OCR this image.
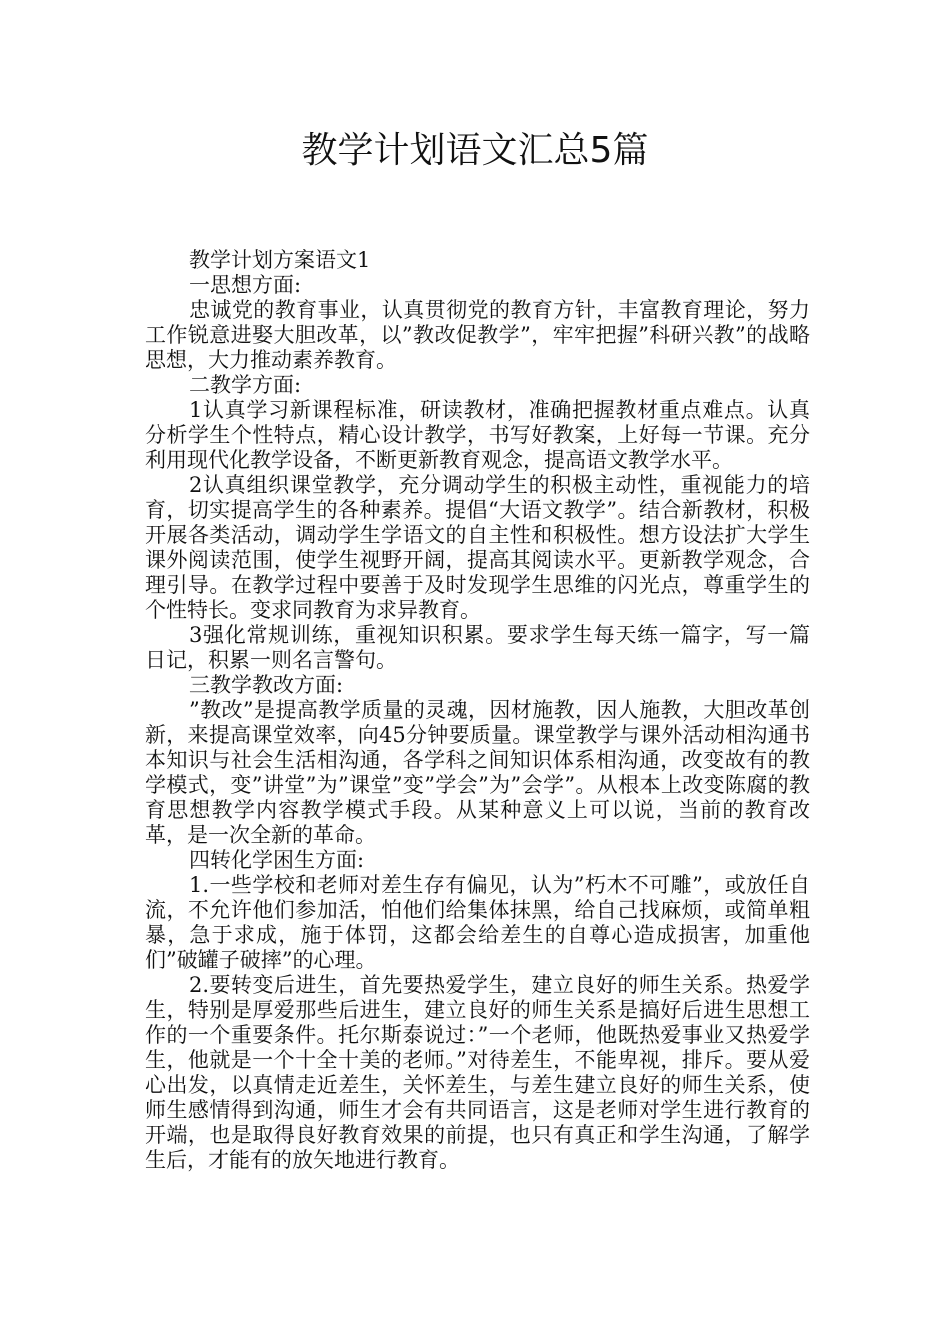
教学计划语文汇总5篇

教学计划方案语文1

一思想方面:

忠诚党的教育事业，认真贯彻党的教育方针，丰富教育理论，努力工作锐意进娶大胆改革，以”教改促教学”，牢牢把握”科研兴教”的战略思想，大力推动素养教育。

二教学方面:

1认真学习新课程标准，研读教材，准确把握教材重点难点。认真分析学生个性特点，精心设计教学，书写好教案，上好每一节课。充分利用现代化教学设备，不断更新教育观念，提高语文教学水平。

2认真组织课堂教学，充分调动学生的积极主动性，重视能力的培育，切实提高学生的各种素养。提倡“大语文教学”。结合新教材，积极开展各类活动，调动学生学语文的自主性和积极性。想方设法扩大学生课外阅读范围，使学生视野开阔，提高其阅读水平。更新教学观念，合理引导。在教学过程中要善于及时发现学生思维的闪光点，尊重学生的个性特长。变求同教育为求异教育。

3强化常规训练，重视知识积累。要求学生每天练一篇字，写一篇日记，积累一则名言警句。

三教学教改方面:

”教改”是提高教学质量的灵魂，因材施教，因人施教，大胆改革创新，来提高课堂效率，向45分钟要质量。课堂教学与课外活动相沟通书本知识与社会生活相沟通，各学科之间知识体系相沟通，改变故有的教学模式，变”讲堂”为”课堂”变”学会”为”会学”。从根本上改变陈腐的教育思想教学内容教学模式手段。从某种意义上可以说，当前的教育改革，是一次全新的革命。

四转化学困生方面:

1.一些学校和老师对差生存有偏见，认为”朽木不可雕”，或放任自流，不允许他们参加活，怕他们给集体抹黑，给自己找麻烦，或简单粗暴，急于求成，施于体罚，这都会给差生的自尊心造成损害，加重他们”破罐子破摔”的心理。

2.要转变后进生，首先要热爱学生，建立良好的师生关系。热爱学生，特别是厚爱那些后进生，建立良好的师生关系是搞好后进生思想工作的一个重要条件。托尔斯泰说过：”一个老师，他既热爱事业又热爱学生，他就是一个十全十美的老师。”对待差生，不能卑视，排斥。要从爱心出发，以真情走近差生，关怀差生，与差生建立良好的师生关系，使师生感情得到沟通，师生才会有共同语言，这是老师对学生进行教育的开端，也是取得良好教育效果的前提，也只有真正和学生沟通，了解学生后，才能有的放矢地进行教育。
